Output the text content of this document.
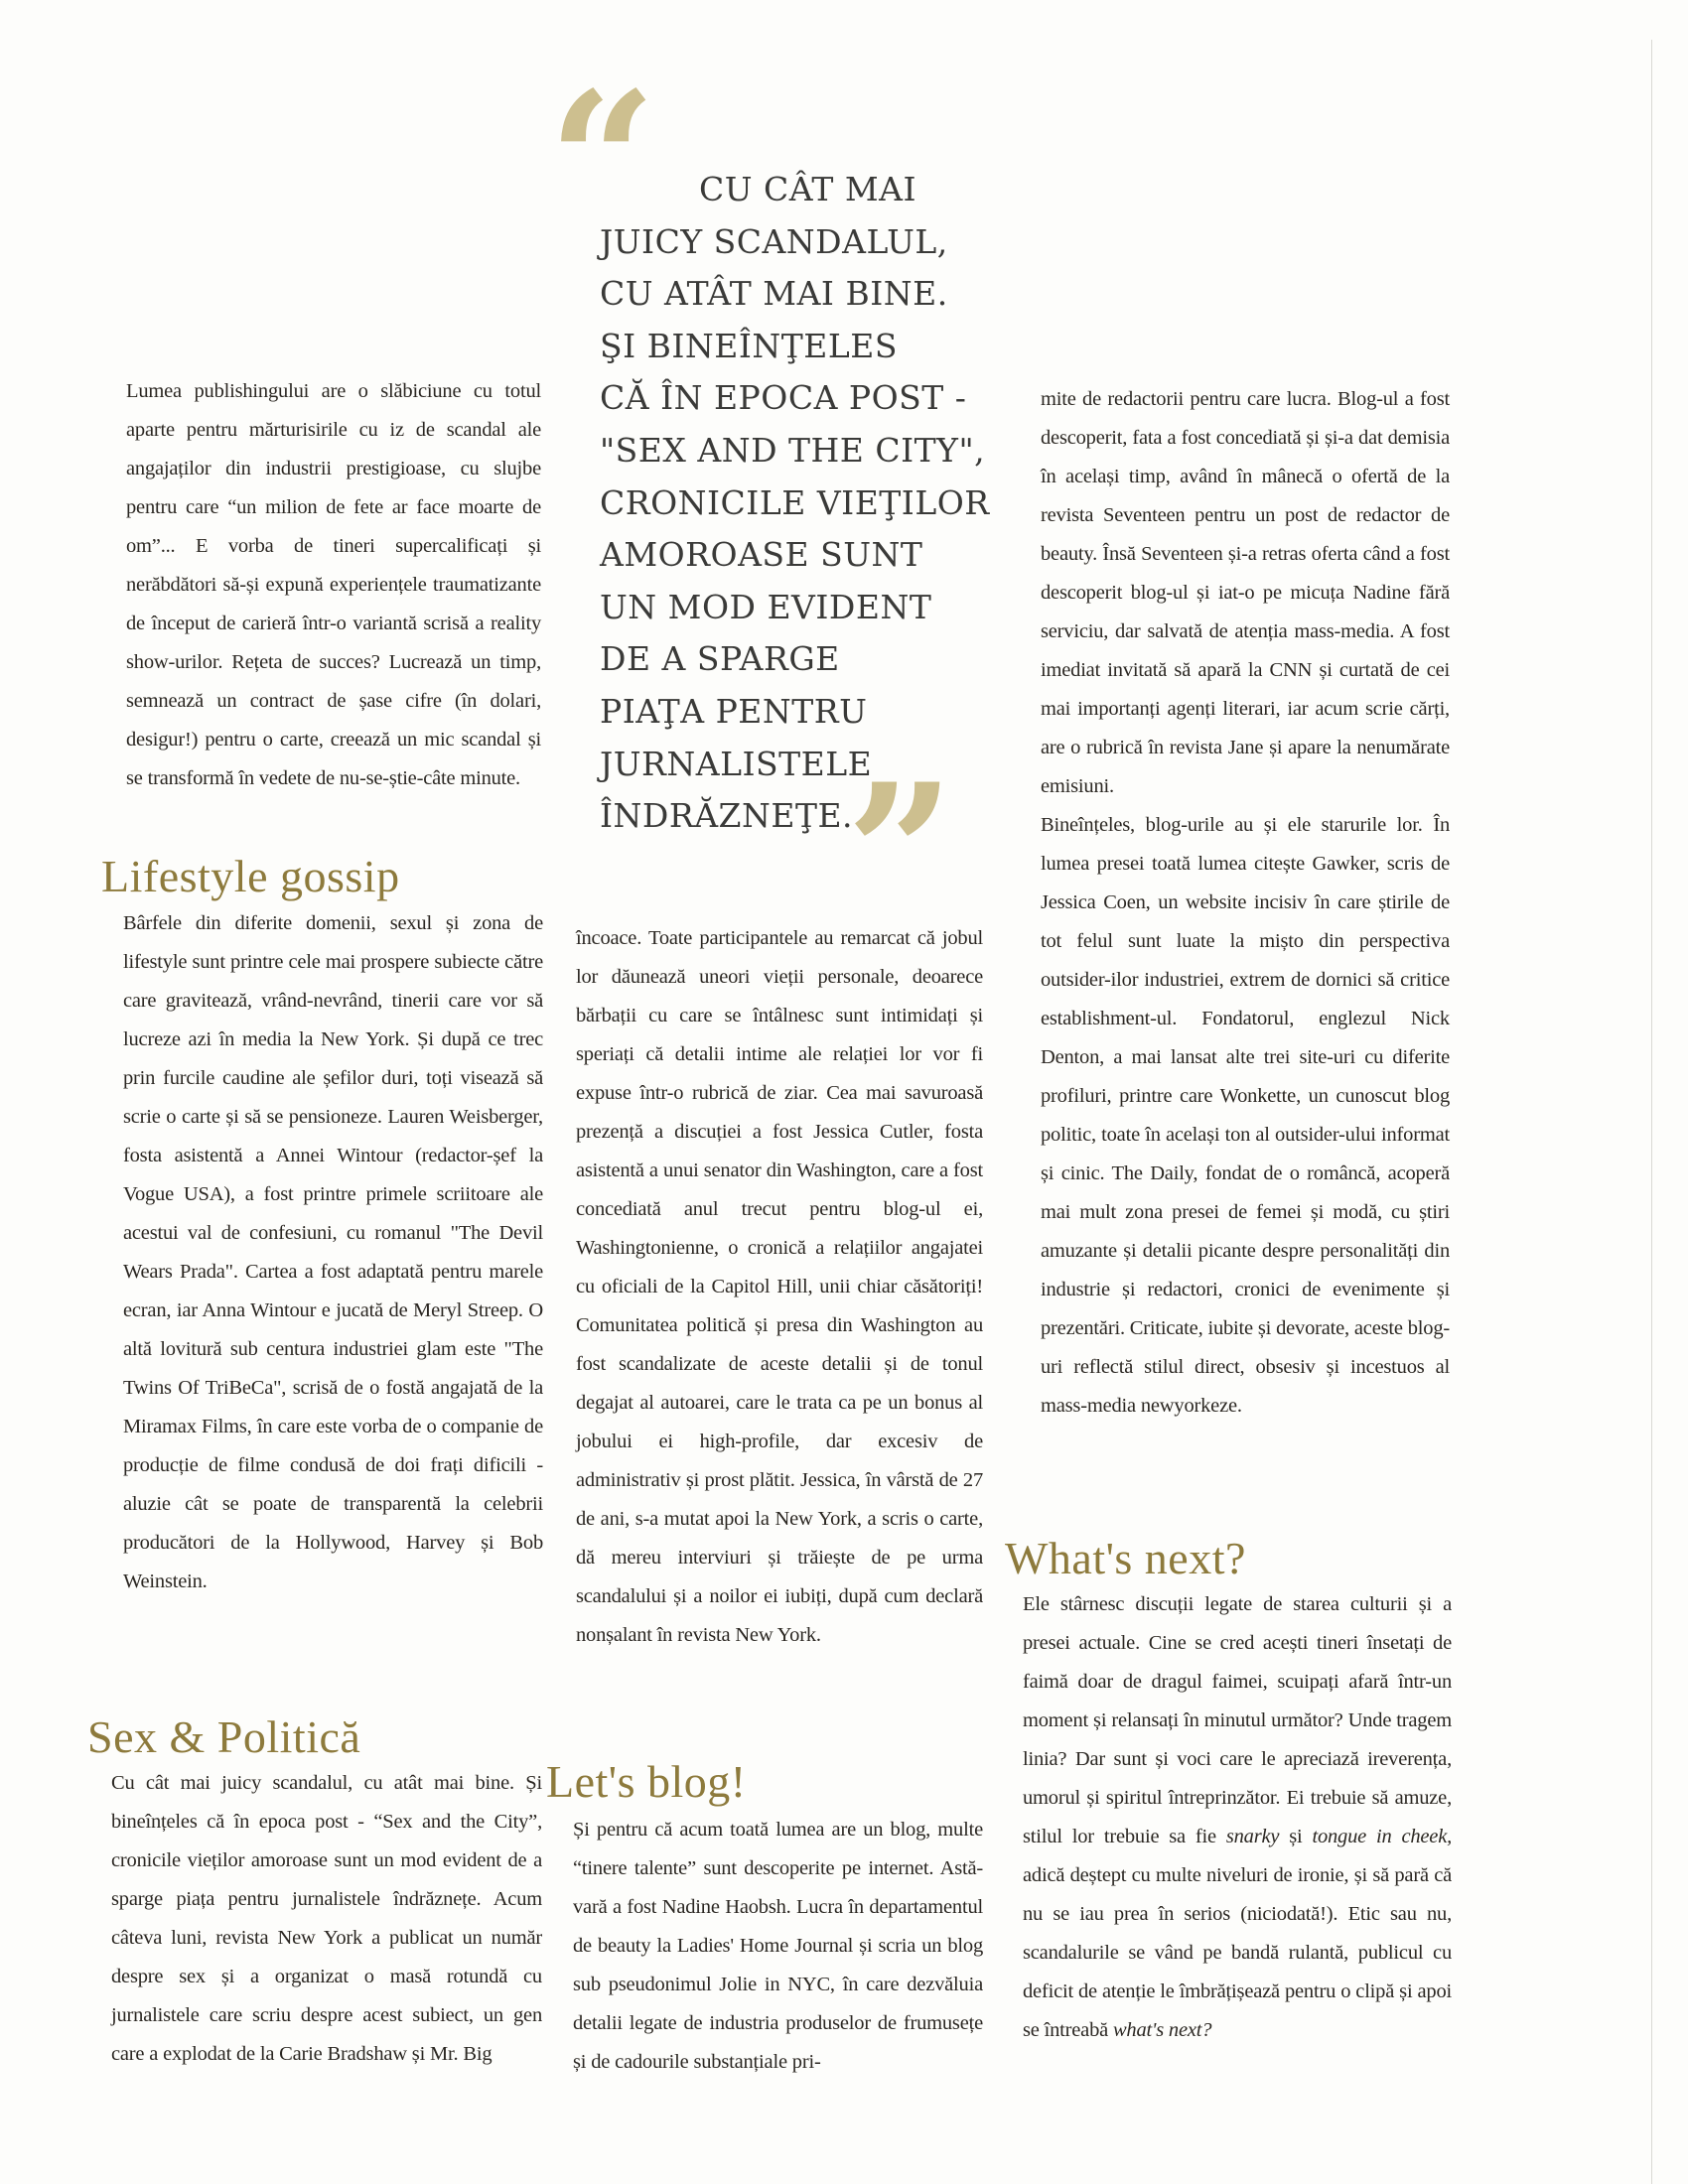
Lumea publishingului are o slăbiciune cu totul aparte pentru mărturisirile cu iz de scandal ale angajaților din industrii prestigioase, cu slujbe pentru care “un milion de fete ar face moarte de om”... E vorba de tineri supercalificați și nerăbdători să-și expună experiențele traumatizante de început de carieră într-o variantă scrisă a reality show-urilor. Rețeta de succes? Lucrează un timp, semnează un contract de șase cifre (în dolari, desigur!) pentru o carte, creează un mic scandal și se transformă în vedete de nu-se-știe-câte minute.

Lifestyle gossip

Bârfele din diferite domenii, sexul și zona de lifestyle sunt printre cele mai prospere subiecte către care gravitează, vrând-nevrând, tinerii care vor să lucreze azi în media la New York. Și după ce trec prin furcile caudine ale șefilor duri, toți visează să scrie o carte și să se pensioneze. Lauren Weisberger, fosta asistentă a Annei Wintour (redactor-șef la Vogue USA), a fost printre primele scriitoare ale acestui val de confesiuni, cu romanul "The Devil Wears Prada". Cartea a fost adaptată pentru marele ecran, iar Anna Wintour e jucată de Meryl Streep. O altă lovitură sub centura industriei glam este "The Twins Of TriBeCa", scrisă de o fostă angajată de la Miramax Films, în care este vorba de o companie de producție de filme condusă de doi frați dificili - aluzie cât se poate de transparentă la celebrii producători de la Hollywood, Harvey și Bob Weinstein.

Sex & Politică

Cu cât mai juicy scandalul, cu atât mai bine. Și bineînțeles că în epoca post - “Sex and the City”, cronicile vieților amoroase sunt un mod evident de a sparge piața pentru jurnalistele îndrăznețe. Acum câteva luni, revista New York a publicat un număr despre sex și a organizat o masă rotundă cu jurnalistele care scriu despre acest subiect, un gen care a explodat de la Carie Bradshaw și Mr. Big

“	CU CÂT MAI
JUICY SCANDALUL,
CU ATÂT MAI BINE.
ŞI BINEÎNŢELES
CĂ ÎN EPOCA POST -
"SEX AND THE CITY",
CRONICILE VIEŢILOR
AMOROASE SUNT
UN MOD EVIDENT
DE A SPARGE
PIAŢA PENTRU
JURNALISTELE
ÎNDRĂZNEŢE.
”

încoace. Toate participantele au remarcat că jobul lor dăunează uneori vieții personale, deoarece bărbații cu care se întâlnesc sunt intimidați și speriați că detalii intime ale relației lor vor fi expuse într-o rubrică de ziar. Cea mai savuroasă prezență a discuției a fost Jessica Cutler, fosta asistentă a unui senator din Washington, care a fost concediată anul trecut pentru blog-ul ei, Washingtonienne, o cronică a relațiilor angajatei cu oficiali de la Capitol Hill, unii chiar căsătoriți! Comunitatea politică și presa din Washington au fost scandalizate de aceste detalii și de tonul degajat al autoarei, care le trata ca pe un bonus al jobului ei high-profile, dar excesiv de administrativ și prost plătit. Jessica, în vârstă de 27 de ani, s-a mutat apoi la New York, a scris o carte, dă mereu interviuri și trăiește de pe urma scandalului și a noilor ei iubiți, după cum declară nonșalant în revista New York.

Let's blog!

Și pentru că acum toată lumea are un blog, multe “tinere talente” sunt descoperite pe internet. Astă-vară a fost Nadine Haobsh. Lucra în departamentul de beauty la Ladies' Home Journal și scria un blog sub pseudonimul Jolie in NYC, în care dezvăluia detalii legate de industria produselor de frumusețe și de cadourile substanțiale pri-

mite de redactorii pentru care lucra. Blog-ul a fost descoperit, fata a fost concediată și și-a dat demisia în același timp, având în mânecă o ofertă de la revista Seventeen pentru un post de redactor de beauty. Însă Seventeen și-a retras oferta când a fost descoperit blog-ul și iat-o pe micuța Nadine fără serviciu, dar salvată de atenția mass-media. A fost imediat invitată să apară la CNN și curtată de cei mai importanți agenți literari, iar acum scrie cărți, are o rubrică în revista Jane și apare la nenumărate emisiuni.

Bineînțeles, blog-urile au și ele starurile lor. În lumea presei toată lumea citește Gawker, scris de Jessica Coen, un website incisiv în care știrile de tot felul sunt luate la mișto din perspectiva outsider-ilor industriei, extrem de dornici să critice establishment-ul. Fondatorul, englezul Nick Denton, a mai lansat alte trei site-uri cu diferite profiluri, printre care Wonkette, un cunoscut blog politic, toate în același ton al outsider-ului informat și cinic. The Daily, fondat de o româncă, acoperă mai mult zona presei de femei și modă, cu știri amuzante și detalii picante despre personalități din industrie și redactori, cronici de evenimente și prezentări. Criticate, iubite și devorate, aceste blog-uri reflectă stilul direct, obsesiv și incestuos al mass-media newyorkeze.

What's next?

Ele stârnesc discuții legate de starea culturii și a presei actuale. Cine se cred acești tineri însetați de faimă doar de dragul faimei, scuipați afară într-un moment și relansați în minutul următor? Unde tragem linia? Dar sunt și voci care le apreciază ireverența, umorul și spiritul întreprinzător. Ei trebuie să amuze, stilul lor trebuie sa fie snarky și tongue in cheek, adică deștept cu multe niveluri de ironie, și să pară că nu se iau prea în serios (niciodată!). Etic sau nu, scandalurile se vând pe bandă rulantă, publicul cu deficit de atenție le îmbrățișează pentru o clipă și apoi se întreabă what's next?
